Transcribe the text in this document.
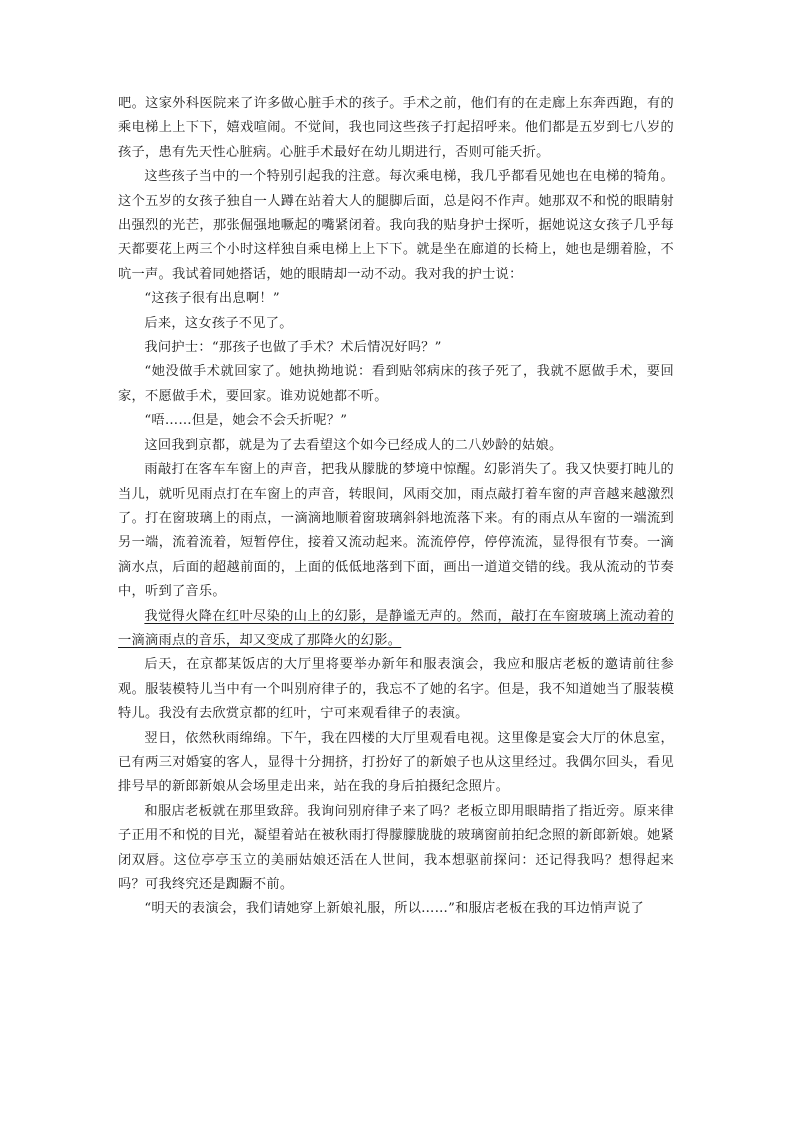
吧。这家外科医院来了许多做心脏手术的孩子。手术之前，他们有的在走廊上东奔西跑，有的乘电梯上上下下，嬉戏喧闹。不觉间，我也同这些孩子打起招呼来。他们都是五岁到七八岁的孩子，患有先天性心脏病。心脏手术最好在幼儿期进行，否则可能夭折。

这些孩子当中的一个特别引起我的注意。每次乘电梯，我几乎都看见她也在电梯的犄角。这个五岁的女孩子独自一人蹲在站着大人的腿脚后面，总是闷不作声。她那双不和悦的眼睛射出强烈的光芒，那张倔强地噘起的嘴紧闭着。我向我的贴身护士探听，据她说这女孩子几乎每天都要花上两三个小时这样独自乘电梯上上下下。就是坐在廊道的长椅上，她也是绷着脸，不吭一声。我试着同她搭话，她的眼睛却一动不动。我对我的护士说：

“这孩子很有出息啊！”

后来，这女孩子不见了。

我问护士：“那孩子也做了手术？术后情况好吗？”

“她没做手术就回家了。她执拗地说：看到贴邻病床的孩子死了，我就不愿做手术，要回家，不愿做手术，要回家。谁劝说她都不听。

“唔……但是，她会不会夭折呢？”

这回我到京都，就是为了去看望这个如今已经成人的二八妙龄的姑娘。

雨敲打在客车车窗上的声音，把我从朦胧的梦境中惊醒。幻影消失了。我又快要打盹儿的当儿，就听见雨点打在车窗上的声音，转眼间，风雨交加，雨点敲打着车窗的声音越来越激烈了。打在窗玻璃上的雨点，一滴滴地顺着窗玻璃斜斜地流落下来。有的雨点从车窗的一端流到另一端，流着流着，短暂停住，接着又流动起来。流流停停，停停流流，显得很有节奏。一滴滴水点，后面的超越前面的，上面的低低地落到下面，画出一道道交错的线。我从流动的节奏中，听到了音乐。

我觉得火降在红叶尽染的山上的幻影，是静谧无声的。然而，敲打在车窗玻璃上流动着的一滴滴雨点的音乐，却又变成了那降火的幻影。

后天，在京都某饭店的大厅里将要举办新年和服表演会，我应和服店老板的邀请前往参观。服装模特儿当中有一个叫别府律子的，我忘不了她的名字。但是，我不知道她当了服装模特儿。我没有去欣赏京都的红叶，宁可来观看律子的表演。

翌日，依然秋雨绵绵。下午，我在四楼的大厅里观看电视。这里像是宴会大厅的休息室，已有两三对婚宴的客人，显得十分拥挤，打扮好了的新娘子也从这里经过。我偶尔回头，看见排号早的新郎新娘从会场里走出来，站在我的身后拍摄纪念照片。

和服店老板就在那里致辞。我询问别府律子来了吗？老板立即用眼睛指了指近旁。原来律子正用不和悦的目光，凝望着站在被秋雨打得朦朦胧胧的玻璃窗前拍纪念照的新郎新娘。她紧闭双唇。这位亭亭玉立的美丽姑娘还活在人世间，我本想驱前探问：还记得我吗？想得起来吗？可我终究还是踟蹰不前。

“明天的表演会，我们请她穿上新娘礼服，所以……”和服店老板在我的耳边悄声说了
